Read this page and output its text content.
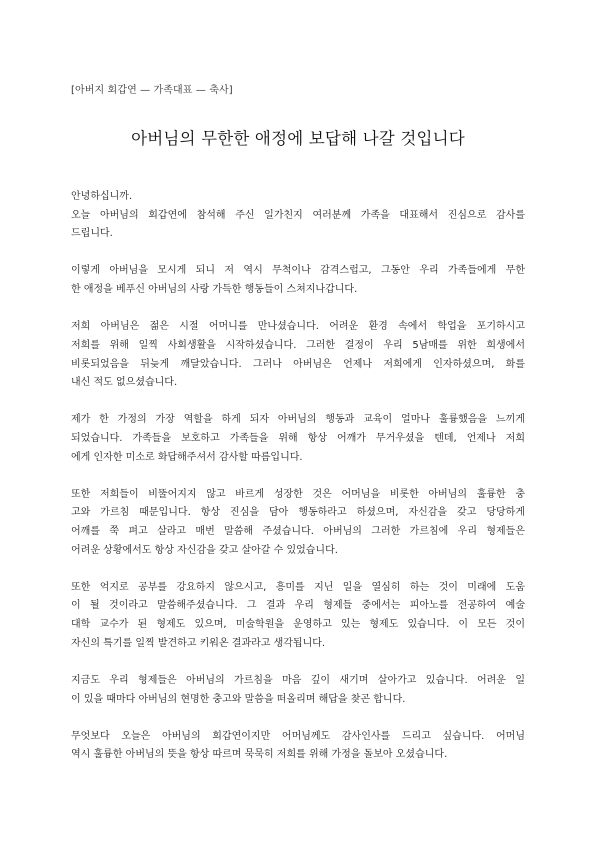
[아버지 회갑연 — 가족대표 — 축사]

아버님의 무한한 애정에 보답해 나갈 것입니다
안녕하십니까.
오늘 아버님의 회갑연에 참석해 주신 일가친지 여러분께 가족을 대표해서 진심으로 감사를
드립니다.
이렇게 아버님을 모시게 되니 저 역시 무척이나 감격스럽고, 그동안 우리 가족들에게 무한
한 애정을 베푸신 아버님의 사랑 가득한 행동들이 스쳐지나갑니다.
저희 아버님은 젊은 시절 어머니를 만나셨습니다. 어려운 환경 속에서 학업을 포기하시고
저희를 위해 일찍 사회생활을 시작하셨습니다. 그러한 결정이 우리 5남매를 위한 희생에서
비롯되었음을 뒤늦게 깨달았습니다. 그러나 아버님은 언제나 저희에게 인자하셨으며, 화를
내신 적도 없으셨습니다.
제가 한 가정의 가장 역할을 하게 되자 아버님의 행동과 교육이 얼마나 훌륭했음을 느끼게
되었습니다. 가족들을 보호하고 가족들을 위해 항상 어깨가 무거우셨을 텐데, 언제나 저희
에게 인자한 미소로 화답해주셔서 감사할 따름입니다.
또한 저희들이 비뚤어지지 않고 바르게 성장한 것은 어머님을 비롯한 아버님의 훌륭한 충
고와 가르침 때문입니다. 항상 진심을 담아 행동하라고 하셨으며, 자신감을 갖고 당당하게
어깨를 쭉 펴고 살라고 매번 말씀해 주셨습니다. 아버님의 그러한 가르침에 우리 형제들은
어려운 상황에서도 항상 자신감을 갖고 살아갈 수 있었습니다.
또한 억지로 공부를 강요하지 않으시고, 흥미를 지닌 일을 열심히 하는 것이 미래에 도움
이 될 것이라고 말씀해주셨습니다. 그 결과 우리 형제들 중에서는 피아노를 전공하여 예술
대학 교수가 된 형제도 있으며, 미술학원을 운영하고 있는 형제도 있습니다. 이 모든 것이
자신의 특기를 일찍 발견하고 키워온 결과라고 생각됩니다.
지금도 우리 형제들은 아버님의 가르침을 마음 깊이 새기며 살아가고 있습니다. 어려운 일
이 있을 때마다 아버님의 현명한 충고와 말씀을 떠올리며 해답을 찾곤 합니다.
무엇보다 오늘은 아버님의 회갑연이지만 어머님께도 감사인사를 드리고 싶습니다. 어머님
역시 훌륭한 아버님의 뜻을 항상 따르며 묵묵히 저희를 위해 가정을 돌보아 오셨습니다.
